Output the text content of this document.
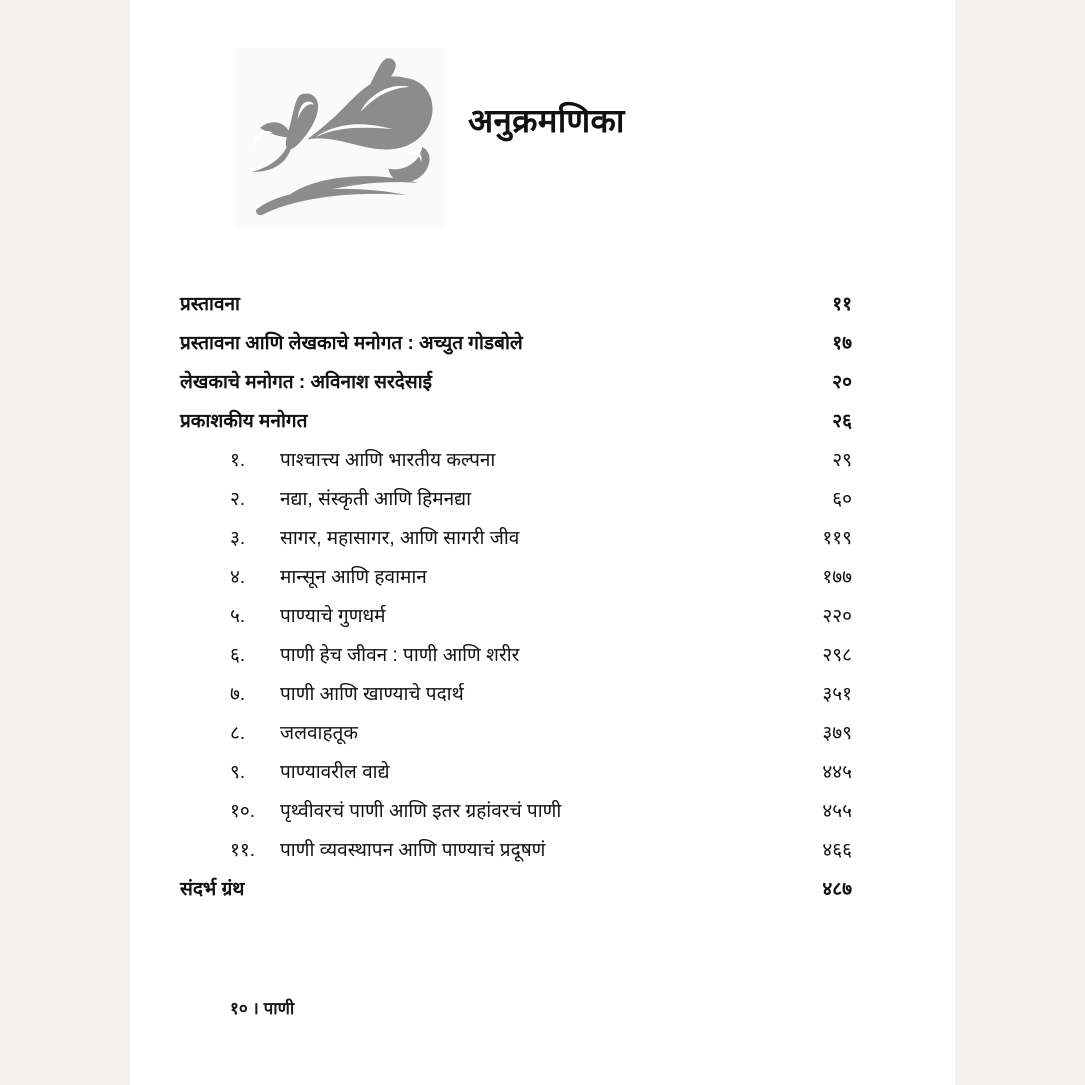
अनुक्रमणिका
प्रस्तावना	११
प्रस्तावना आणि लेखकाचे मनोगत : अच्युत गोडबोले	१७
लेखकाचे मनोगत : अविनाश सरदेसाई	२०
प्रकाशकीय मनोगत	२६
१.	पाश्चात्त्य आणि भारतीय कल्पना	२९
२.	नद्या, संस्कृती आणि हिमनद्या	६०
३.	सागर, महासागर, आणि सागरी जीव	११९
४.	मान्सून आणि हवामान	१७७
५.	पाण्याचे गुणधर्म	२२०
६.	पाणी हेच जीवन : पाणी आणि शरीर	२९८
७.	पाणी आणि खाण्याचे पदार्थ	३५१
८.	जलवाहतूक	३७९
९.	पाण्यावरील वाद्ये	४४५
१०.	पृथ्वीवरचं पाणी आणि इतर ग्रहांवरचं पाणी	४५५
११.	पाणी व्यवस्थापन आणि पाण्याचं प्रदूषणं	४६६
संदर्भ ग्रंथ	४८७
१० । पाणी
